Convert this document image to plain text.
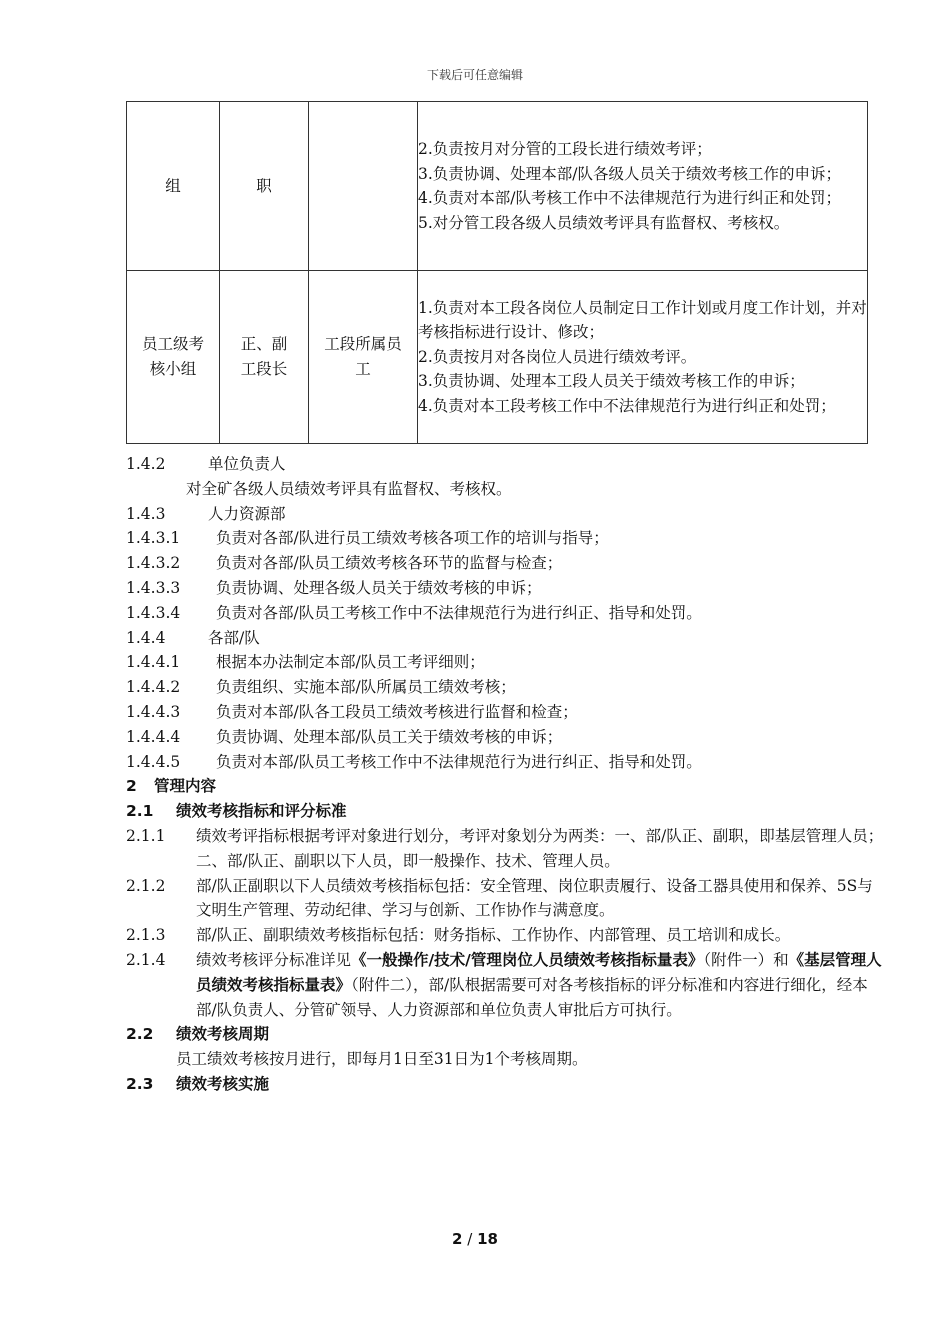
下载后可任意编辑
组	职		2.负责按月对分管的工段长进行绩效考评；
3.负责协调、处理本部/队各级人员关于绩效考核工作的申诉；
4.负责对本部/队考核工作中不法律规范行为进行纠正和处罚；
5.对分管工段各级人员绩效考评具有监督权、考核权。

员工级考核小组	正、副工段长	工段所属员工	1.负责对本工段各岗位人员制定日工作计划或月度工作计划，并对考核指标进行设计、修改；
2.负责按月对各岗位人员进行绩效考评。
3.负责协调、处理本工段人员关于绩效考核工作的申诉；
4.负责对本工段考核工作中不法律规范行为进行纠正和处罚；
1.4.2	单位负责人
对全矿各级人员绩效考评具有监督权、考核权。
1.4.3	人力资源部
1.4.3.1	负责对各部/队进行员工绩效考核各项工作的培训与指导；
1.4.3.2	负责对各部/队员工绩效考核各环节的监督与检查；
1.4.3.3	负责协调、处理各级人员关于绩效考核的申诉；
1.4.3.4	负责对各部/队员工考核工作中不法律规范行为进行纠正、指导和处罚。
1.4.4	各部/队
1.4.4.1	根据本办法制定本部/队员工考评细则；
1.4.4.2	负责组织、实施本部/队所属员工绩效考核；
1.4.4.3	负责对本部/队各工段员工绩效考核进行监督和检查；
1.4.4.4	负责协调、处理本部/队员工关于绩效考核的申诉；
1.4.4.5	负责对本部/队员工考核工作中不法律规范行为进行纠正、指导和处罚。
2	管理内容
2.1	绩效考核指标和评分标准
2.1.1	绩效考评指标根据考评对象进行划分，考评对象划分为两类：一、部/队正、副职，即基层管理人员；二、部/队正、副职以下人员，即一般操作、技术、管理人员。
2.1.2	部/队正副职以下人员绩效考核指标包括：安全管理、岗位职责履行、设备工器具使用和保养、5S与文明生产管理、劳动纪律、学习与创新、工作协作与满意度。
2.1.3	部/队正、副职绩效考核指标包括：财务指标、工作协作、内部管理、员工培训和成长。
2.1.4	绩效考核评分标准详见《一般操作/技术/管理岗位人员绩效考核指标量表》（附件一）和《基层管理人员绩效考核指标量表》（附件二），部/队根据需要可对各考核指标的评分标准和内容进行细化，经本部/队负责人、分管矿领导、人力资源部和单位负责人审批后方可执行。
2.2	绩效考核周期
员工绩效考核按月进行，即每月1日至31日为1个考核周期。
2.3	绩效考核实施
2 / 18
